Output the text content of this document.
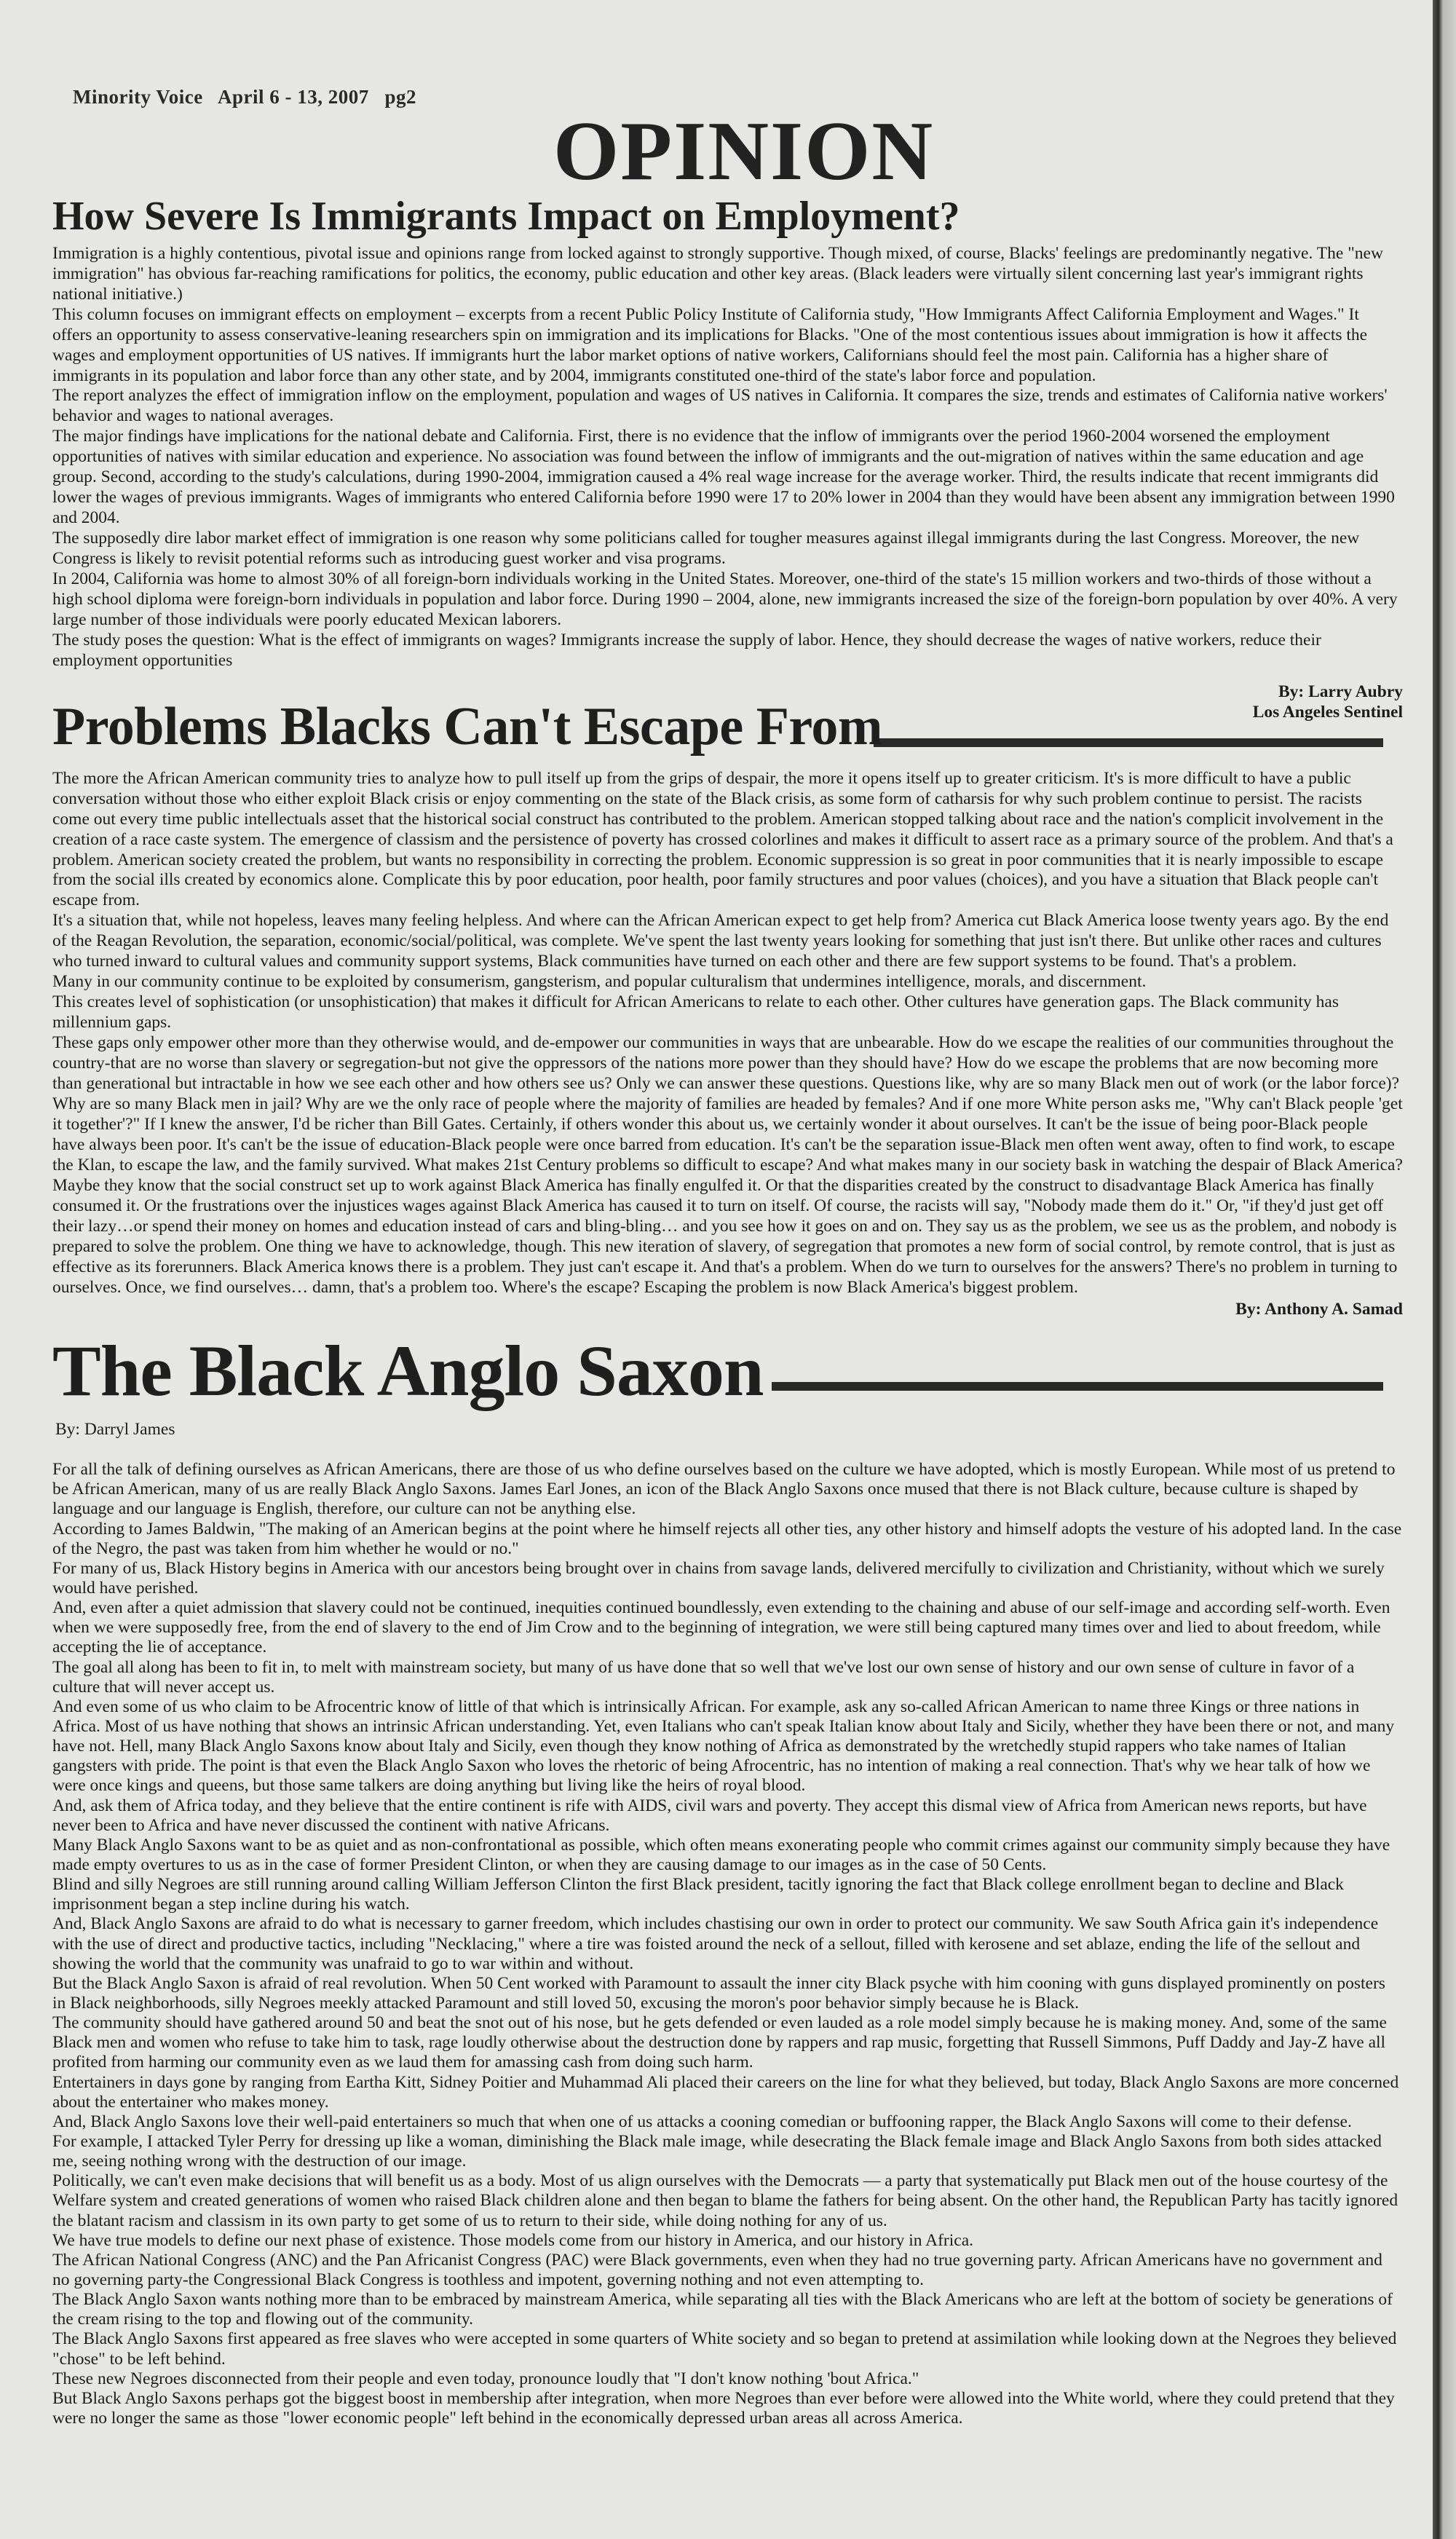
Minority Voice April 6 - 13, 2007 pg2
OPINION
How Severe Is Immigrants Impact on Employment?

Immigration is a highly contentious, pivotal issue and opinions range from locked against to strongly supportive. Though mixed, of course, Blacks' feelings are predominantly negative. The "new immigration" has obvious far-reaching ramifications for politics, the economy, public education and other key areas. (Black leaders were virtually silent concerning last year's immigrant rights national initiative.)

This column focuses on immigrant effects on employment – excerpts from a recent Public Policy Institute of California study, "How Immigrants Affect California Employment and Wages." It offers an opportunity to assess conservative-leaning researchers spin on immigration and its implications for Blacks. "One of the most contentious issues about immigration is how it affects the wages and employment opportunities of US natives. If immigrants hurt the labor market options of native workers, Californians should feel the most pain. California has a higher share of immigrants in its population and labor force than any other state, and by 2004, immigrants constituted one-third of the state's labor force and population.

The report analyzes the effect of immigration inflow on the employment, population and wages of US natives in California. It compares the size, trends and estimates of California native workers' behavior and wages to national averages.

The major findings have implications for the national debate and California. First, there is no evidence that the inflow of immigrants over the period 1960-2004 worsened the employment opportunities of natives with similar education and experience. No association was found between the inflow of immigrants and the out-migration of natives within the same education and age group. Second, according to the study's calculations, during 1990-2004, immigration caused a 4% real wage increase for the average worker. Third, the results indicate that recent immigrants did lower the wages of previous immigrants. Wages of immigrants who entered California before 1990 were 17 to 20% lower in 2004 than they would have been absent any immigration between 1990 and 2004.

The supposedly dire labor market effect of immigration is one reason why some politicians called for tougher measures against illegal immigrants during the last Congress. Moreover, the new Congress is likely to revisit potential reforms such as introducing guest worker and visa programs.

In 2004, California was home to almost 30% of all foreign-born individuals working in the United States. Moreover, one-third of the state's 15 million workers and two-thirds of those without a high school diploma were foreign-born individuals in population and labor force. During 1990 – 2004, alone, new immigrants increased the size of the foreign-born population by over 40%. A very large number of those individuals were poorly educated Mexican laborers.

The study poses the question: What is the effect of immigrants on wages? Immigrants increase the supply of labor. Hence, they should decrease the wages of native workers, reduce their employment opportunities

By: Larry Aubry
Los Angeles Sentinel
Problems Blacks Can't Escape From

The more the African American community tries to analyze how to pull itself up from the grips of despair, the more it opens itself up to greater criticism. It's is more difficult to have a public conversation without those who either exploit Black crisis or enjoy commenting on the state of the Black crisis, as some form of catharsis for why such problem continue to persist. The racists come out every time public intellectuals asset that the historical social construct has contributed to the problem. American stopped talking about race and the nation's complicit involvement in the creation of a race caste system. The emergence of classism and the persistence of poverty has crossed colorlines and makes it difficult to assert race as a primary source of the problem. And that's a problem. American society created the problem, but wants no responsibility in correcting the problem. Economic suppression is so great in poor communities that it is nearly impossible to escape from the social ills created by economics alone. Complicate this by poor education, poor health, poor family structures and poor values (choices), and you have a situation that Black people can't escape from.

It's a situation that, while not hopeless, leaves many feeling helpless. And where can the African American expect to get help from? America cut Black America loose twenty years ago. By the end of the Reagan Revolution, the separation, economic/social/political, was complete. We've spent the last twenty years looking for something that just isn't there. But unlike other races and cultures who turned inward to cultural values and community support systems, Black communities have turned on each other and there are few support systems to be found. That's a problem.

Many in our community continue to be exploited by consumerism, gangsterism, and popular culturalism that undermines intelligence, morals, and discernment.

This creates level of sophistication (or unsophistication) that makes it difficult for African Americans to relate to each other. Other cultures have generation gaps. The Black community has millennium gaps.

These gaps only empower other more than they otherwise would, and de-empower our communities in ways that are unbearable. How do we escape the realities of our communities throughout the country-that are no worse than slavery or segregation-but not give the oppressors of the nations more power than they should have? How do we escape the problems that are now becoming more than generational but intractable in how we see each other and how others see us? Only we can answer these questions. Questions like, why are so many Black men out of work (or the labor force)? Why are so many Black men in jail? Why are we the only race of people where the majority of families are headed by females? And if one more White person asks me, "Why can't Black people 'get it together'?" If I knew the answer, I'd be richer than Bill Gates. Certainly, if others wonder this about us, we certainly wonder it about ourselves. It can't be the issue of being poor-Black people have always been poor. It's can't be the issue of education-Black people were once barred from education. It's can't be the separation issue-Black men often went away, often to find work, to escape the Klan, to escape the law, and the family survived. What makes 21st Century problems so difficult to escape? And what makes many in our society bask in watching the despair of Black America? Maybe they know that the social construct set up to work against Black America has finally engulfed it. Or that the disparities created by the construct to disadvantage Black America has finally consumed it. Or the frustrations over the injustices wages against Black America has caused it to turn on itself. Of course, the racists will say, "Nobody made them do it." Or, "if they'd just get off their lazy…or spend their money on homes and education instead of cars and bling-bling… and you see how it goes on and on. They say us as the problem, we see us as the problem, and nobody is prepared to solve the problem. One thing we have to acknowledge, though. This new iteration of slavery, of segregation that promotes a new form of social control, by remote control, that is just as effective as its forerunners. Black America knows there is a problem. They just can't escape it. And that's a problem. When do we turn to ourselves for the answers? There's no problem in turning to ourselves. Once, we find ourselves… damn, that's a problem too. Where's the escape? Escaping the problem is now Black America's biggest problem.

By: Anthony A. Samad
The Black Anglo Saxon
By: Darryl James

For all the talk of defining ourselves as African Americans, there are those of us who define ourselves based on the culture we have adopted, which is mostly European. While most of us pretend to be African American, many of us are really Black Anglo Saxons. James Earl Jones, an icon of the Black Anglo Saxons once mused that there is not Black culture, because culture is shaped by language and our language is English, therefore, our culture can not be anything else.

According to James Baldwin, "The making of an American begins at the point where he himself rejects all other ties, any other history and himself adopts the vesture of his adopted land. In the case of the Negro, the past was taken from him whether he would or no."

For many of us, Black History begins in America with our ancestors being brought over in chains from savage lands, delivered mercifully to civilization and Christianity, without which we surely would have perished.

And, even after a quiet admission that slavery could not be continued, inequities continued boundlessly, even extending to the chaining and abuse of our self-image and according self-worth. Even when we were supposedly free, from the end of slavery to the end of Jim Crow and to the beginning of integration, we were still being captured many times over and lied to about freedom, while accepting the lie of acceptance.

The goal all along has been to fit in, to melt with mainstream society, but many of us have done that so well that we've lost our own sense of history and our own sense of culture in favor of a culture that will never accept us.

And even some of us who claim to be Afrocentric know of little of that which is intrinsically African. For example, ask any so-called African American to name three Kings or three nations in Africa. Most of us have nothing that shows an intrinsic African understanding. Yet, even Italians who can't speak Italian know about Italy and Sicily, whether they have been there or not, and many have not. Hell, many Black Anglo Saxons know about Italy and Sicily, even though they know nothing of Africa as demonstrated by the wretchedly stupid rappers who take names of Italian gangsters with pride. The point is that even the Black Anglo Saxon who loves the rhetoric of being Afrocentric, has no intention of making a real connection. That's why we hear talk of how we were once kings and queens, but those same talkers are doing anything but living like the heirs of royal blood.

And, ask them of Africa today, and they believe that the entire continent is rife with AIDS, civil wars and poverty. They accept this dismal view of Africa from American news reports, but have never been to Africa and have never discussed the continent with native Africans.

Many Black Anglo Saxons want to be as quiet and as non-confrontational as possible, which often means exonerating people who commit crimes against our community simply because they have made empty overtures to us as in the case of former President Clinton, or when they are causing damage to our images as in the case of 50 Cents.

Blind and silly Negroes are still running around calling William Jefferson Clinton the first Black president, tacitly ignoring the fact that Black college enrollment began to decline and Black imprisonment began a step incline during his watch.

And, Black Anglo Saxons are afraid to do what is necessary to garner freedom, which includes chastising our own in order to protect our community. We saw South Africa gain it's independence with the use of direct and productive tactics, including "Necklacing," where a tire was foisted around the neck of a sellout, filled with kerosene and set ablaze, ending the life of the sellout and showing the world that the community was unafraid to go to war within and without.

But the Black Anglo Saxon is afraid of real revolution. When 50 Cent worked with Paramount to assault the inner city Black psyche with him cooning with guns displayed prominently on posters in Black neighborhoods, silly Negroes meekly attacked Paramount and still loved 50, excusing the moron's poor behavior simply because he is Black.

The community should have gathered around 50 and beat the snot out of his nose, but he gets defended or even lauded as a role model simply because he is making money. And, some of the same Black men and women who refuse to take him to task, rage loudly otherwise about the destruction done by rappers and rap music, forgetting that Russell Simmons, Puff Daddy and Jay-Z have all profited from harming our community even as we laud them for amassing cash from doing such harm.

Entertainers in days gone by ranging from Eartha Kitt, Sidney Poitier and Muhammad Ali placed their careers on the line for what they believed, but today, Black Anglo Saxons are more concerned about the entertainer who makes money.

And, Black Anglo Saxons love their well-paid entertainers so much that when one of us attacks a cooning comedian or buffooning rapper, the Black Anglo Saxons will come to their defense.

For example, I attacked Tyler Perry for dressing up like a woman, diminishing the Black male image, while desecrating the Black female image and Black Anglo Saxons from both sides attacked me, seeing nothing wrong with the destruction of our image.

Politically, we can't even make decisions that will benefit us as a body. Most of us align ourselves with the Democrats — a party that systematically put Black men out of the house courtesy of the Welfare system and created generations of women who raised Black children alone and then began to blame the fathers for being absent. On the other hand, the Republican Party has tacitly ignored the blatant racism and classism in its own party to get some of us to return to their side, while doing nothing for any of us.

We have true models to define our next phase of existence. Those models come from our history in America, and our history in Africa.

The African National Congress (ANC) and the Pan Africanist Congress (PAC) were Black governments, even when they had no true governing party. African Americans have no government and no governing party-the Congressional Black Congress is toothless and impotent, governing nothing and not even attempting to.

The Black Anglo Saxon wants nothing more than to be embraced by mainstream America, while separating all ties with the Black Americans who are left at the bottom of society be generations of the cream rising to the top and flowing out of the community.

The Black Anglo Saxons first appeared as free slaves who were accepted in some quarters of White society and so began to pretend at assimilation while looking down at the Negroes they believed "chose" to be left behind.

These new Negroes disconnected from their people and even today, pronounce loudly that "I don't know nothing 'bout Africa."

But Black Anglo Saxons perhaps got the biggest boost in membership after integration, when more Negroes than ever before were allowed into the White world, where they could pretend that they were no longer the same as those "lower economic people" left behind in the economically depressed urban areas all across America.
